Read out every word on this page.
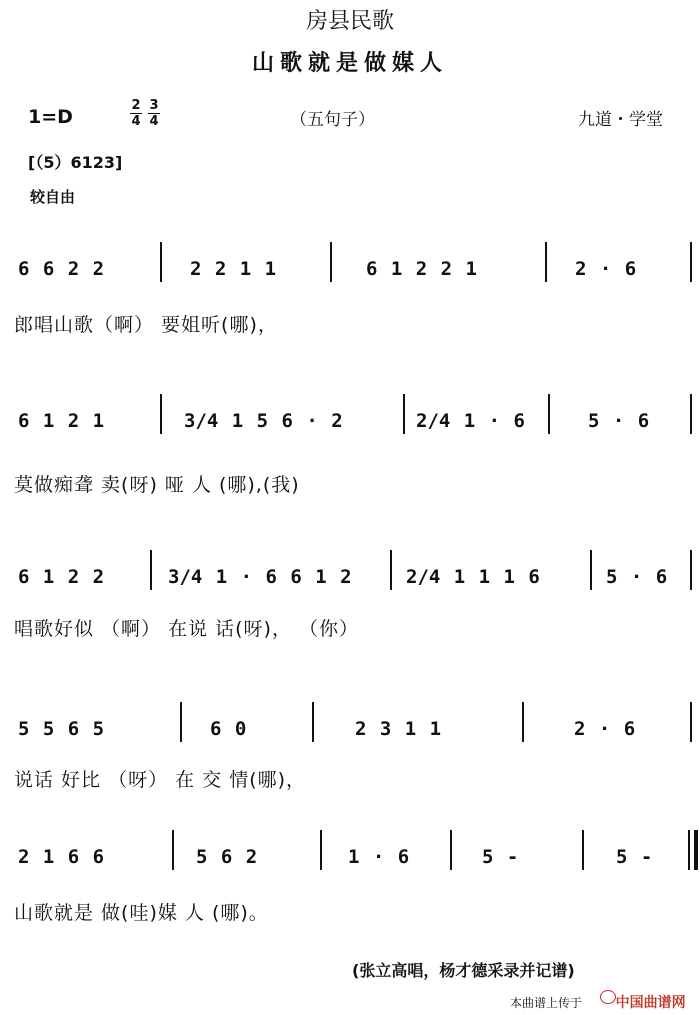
房县民歌
山歌就是做媒人
1=D
2
4
3
4	（五句子）	九道・学堂
[（5）6123]
较自由
6 6 2 2	2 2 1 1	6 1 2 2 1	2 · 6
郎唱山歌（啊） 要姐听(哪)，
6 1 2 1	3/4 1 5 6 · 2	2/4 1 · 6	5 · 6
莫做痴聋 卖(呀) 哑 人 (哪),(我)
6 1 2 2	3/4 1 · 6 6 1 2	2/4 1 1 1 6	5 · 6
唱歌好似 （啊） 在说 话(呀)， （你）
5 5 6 5	6 0	2 3 1 1	2 · 6
说话 好比 （呀） 在 交 情(哪)，
2 1 6 6	5 6 2	1 · 6	5 -	5 -
山歌就是 做(哇)媒 人 (哪)。
(张立高唱，杨才德采录并记谱)
本曲谱上传于 中国曲谱网
